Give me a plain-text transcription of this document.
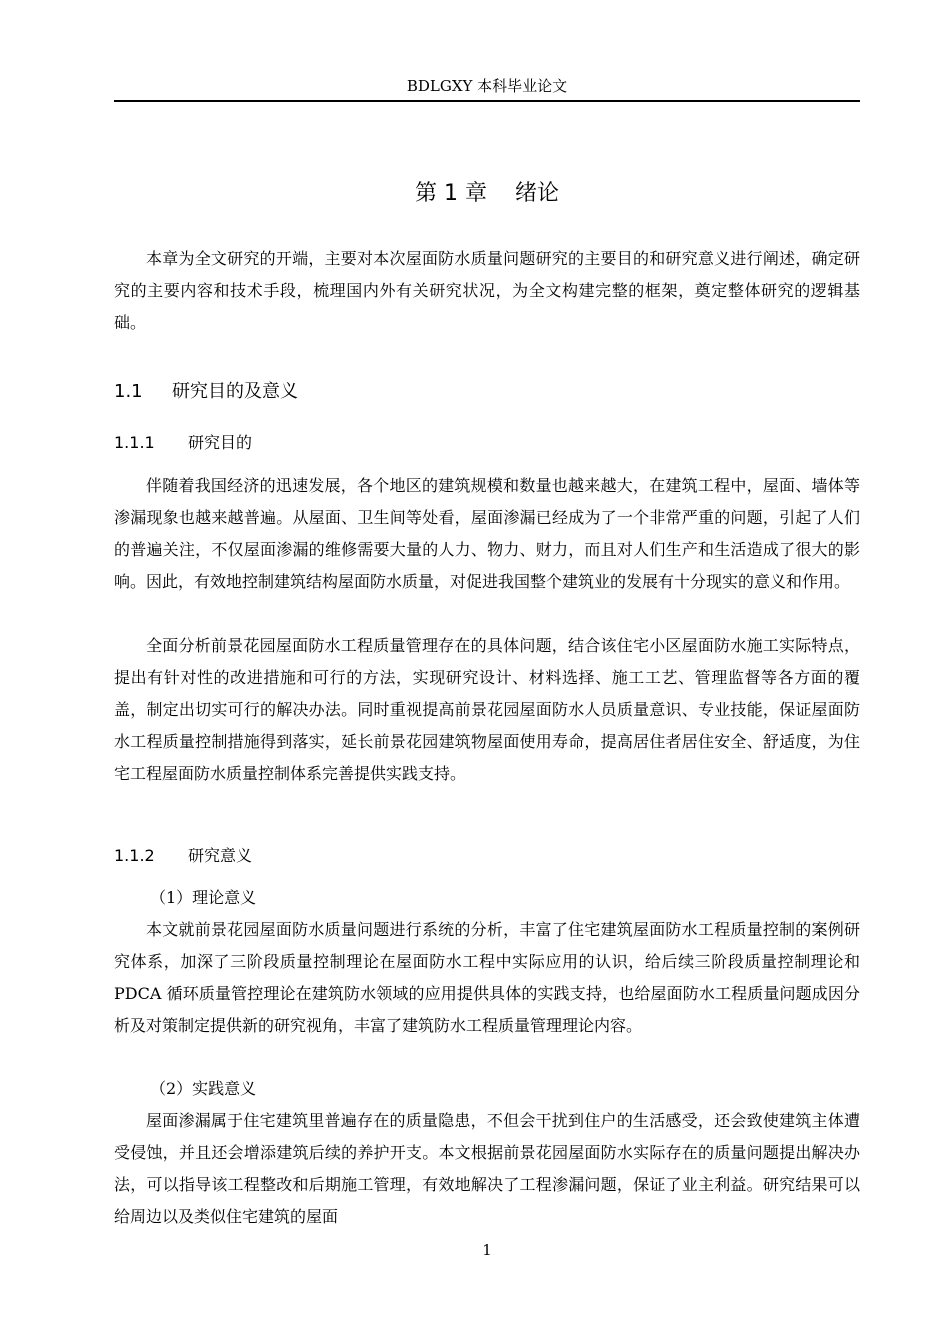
BDLGXY 本科毕业论文
第 1 章    绪论

本章为全文研究的开端，主要对本次屋面防水质量问题研究的主要目的和研究意义进行阐述，确定研究的主要内容和技术手段，梳理国内外有关研究状况，为全文构建完整的框架，奠定整体研究的逻辑基础。

1.1 研究目的及意义
1.1.1 研究目的

伴随着我国经济的迅速发展，各个地区的建筑规模和数量也越来越大，在建筑工程中，屋面、墙体等渗漏现象也越来越普遍。从屋面、卫生间等处看，屋面渗漏已经成为了一个非常严重的问题，引起了人们的普遍关注，不仅屋面渗漏的维修需要大量的人力、物力、财力，而且对人们生产和生活造成了很大的影响。因此，有效地控制建筑结构屋面防水质量，对促进我国整个建筑业的发展有十分现实的意义和作用。

全面分析前景花园屋面防水工程质量管理存在的具体问题，结合该住宅小区屋面防水施工实际特点，提出有针对性的改进措施和可行的方法，实现研究设计、材料选择、施工工艺、管理监督等各方面的覆盖，制定出切实可行的解决办法。同时重视提高前景花园屋面防水人员质量意识、专业技能，保证屋面防水工程质量控制措施得到落实，延长前景花园建筑物屋面使用寿命，提高居住者居住安全、舒适度，为住宅工程屋面防水质量控制体系完善提供实践支持。

1.1.2 研究意义
（1）理论意义

本文就前景花园屋面防水质量问题进行系统的分析，丰富了住宅建筑屋面防水工程质量控制的案例研究体系，加深了三阶段质量控制理论在屋面防水工程中实际应用的认识，给后续三阶段质量控制理论和 PDCA 循环质量管控理论在建筑防水领域的应用提供具体的实践支持，也给屋面防水工程质量问题成因分析及对策制定提供新的研究视角，丰富了建筑防水工程质量管理理论内容。

（2）实践意义

屋面渗漏属于住宅建筑里普遍存在的质量隐患，不但会干扰到住户的生活感受，还会致使建筑主体遭受侵蚀，并且还会增添建筑后续的养护开支。本文根据前景花园屋面防水实际存在的质量问题提出解决办法，可以指导该工程整改和后期施工管理，有效地解决了工程渗漏问题，保证了业主利益。研究结果可以给周边以及类似住宅建筑的屋面

1
